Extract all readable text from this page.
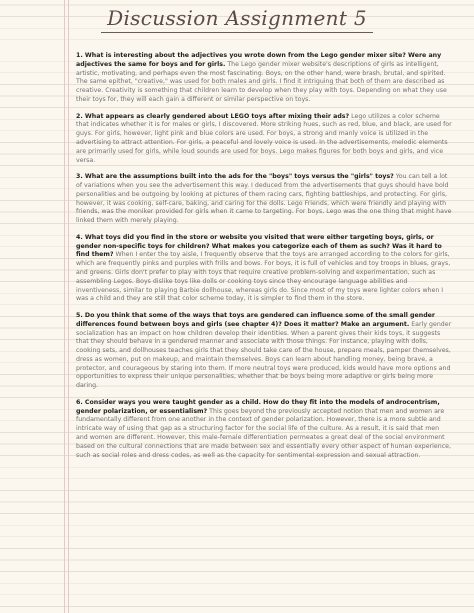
Discussion Assignment 5

1. What is interesting about the adjectives you wrote down from the Lego gender mixer site? Were any adjectives the same for boys and for girls. The Lego gender mixer website's descriptions of girls as intelligent, artistic, motivating, and perhaps even the most fascinating. Boys, on the other hand, were brash, brutal, and spirited. The same epithet, "creative," was used for both males and girls. I find it intriguing that both of them are described as creative. Creativity is something that children learn to develop when they play with toys. Depending on what they use their toys for, they will each gain a different or similar perspective on toys.

2. What appears as clearly gendered about LEGO toys after mixing their ads? Lego utilizes a color scheme that indicates whether it is for males or girls, I discovered. More striking hues, such as red, blue, and black, are used for guys. For girls, however, light pink and blue colors are used. For boys, a strong and manly voice is utilized in the advertising to attract attention. For girls, a peaceful and lovely voice is used. In the advertisements, melodic elements are primarily used for girls, while loud sounds are used for boys. Lego makes figures for both boys and girls, and vice versa.

3. What are the assumptions built into the ads for the "boys" toys versus the "girls" toys? You can tell a lot of variations when you see the advertisement this way. I deduced from the advertisements that guys should have bold personalities and be outgoing by looking at pictures of them racing cars, fighting battleships, and protecting. For girls, however, it was cooking, self-care, baking, and caring for the dolls. Lego Friends, which were friendly and playing with friends, was the moniker provided for girls when it came to targeting. For boys, Lego was the one thing that might have linked them with merely playing.

4. What toys did you find in the store or website you visited that were either targeting boys, girls, or gender non-specific toys for children? What makes you categorize each of them as such? Was it hard to find them? When I enter the toy aisle, I frequently observe that the toys are arranged according to the colors for girls, which are frequently pinks and purples with frills and bows. For boys, it is full of vehicles and toy troops in blues, grays, and greens. Girls don't prefer to play with toys that require creative problem-solving and experimentation, such as assembling Legos. Boys dislike toys like dolls or cooking toys since they encourage language abilities and inventiveness, similar to playing Barbie dollhouse, whereas girls do. Since most of my toys were lighter colors when I was a child and they are still that color scheme today, it is simpler to find them in the store.

5. Do you think that some of the ways that toys are gendered can influence some of the small gender differences found between boys and girls (see chapter 4)? Does it matter? Make an argument. Early gender socialization has an impact on how children develop their identities. When a parent gives their kids toys, it suggests that they should behave in a gendered manner and associate with those things. For instance, playing with dolls, cooking sets, and dollhouses teaches girls that they should take care of the house, prepare meals, pamper themselves, dress as women, put on makeup, and maintain themselves. Boys can learn about handling money, being brave, a protector, and courageous by staring into them. If more neutral toys were produced, kids would have more options and opportunities to express their unique personalities, whether that be boys being more adaptive or girls being more daring.

6. Consider ways you were taught gender as a child. How do they fit into the models of androcentrism, gender polarization, or essentialism? This goes beyond the previously accepted notion that men and women are fundamentally different from one another in the context of gender polarization. However, there is a more subtle and intricate way of using that gap as a structuring factor for the social life of the culture. As a result, it is said that men and women are different. However, this male-female differentiation permeates a great deal of the social environment based on the cultural connections that are made between sex and essentially every other aspect of human experience, such as social roles and dress codes, as well as the capacity for sentimental expression and sexual attraction.
